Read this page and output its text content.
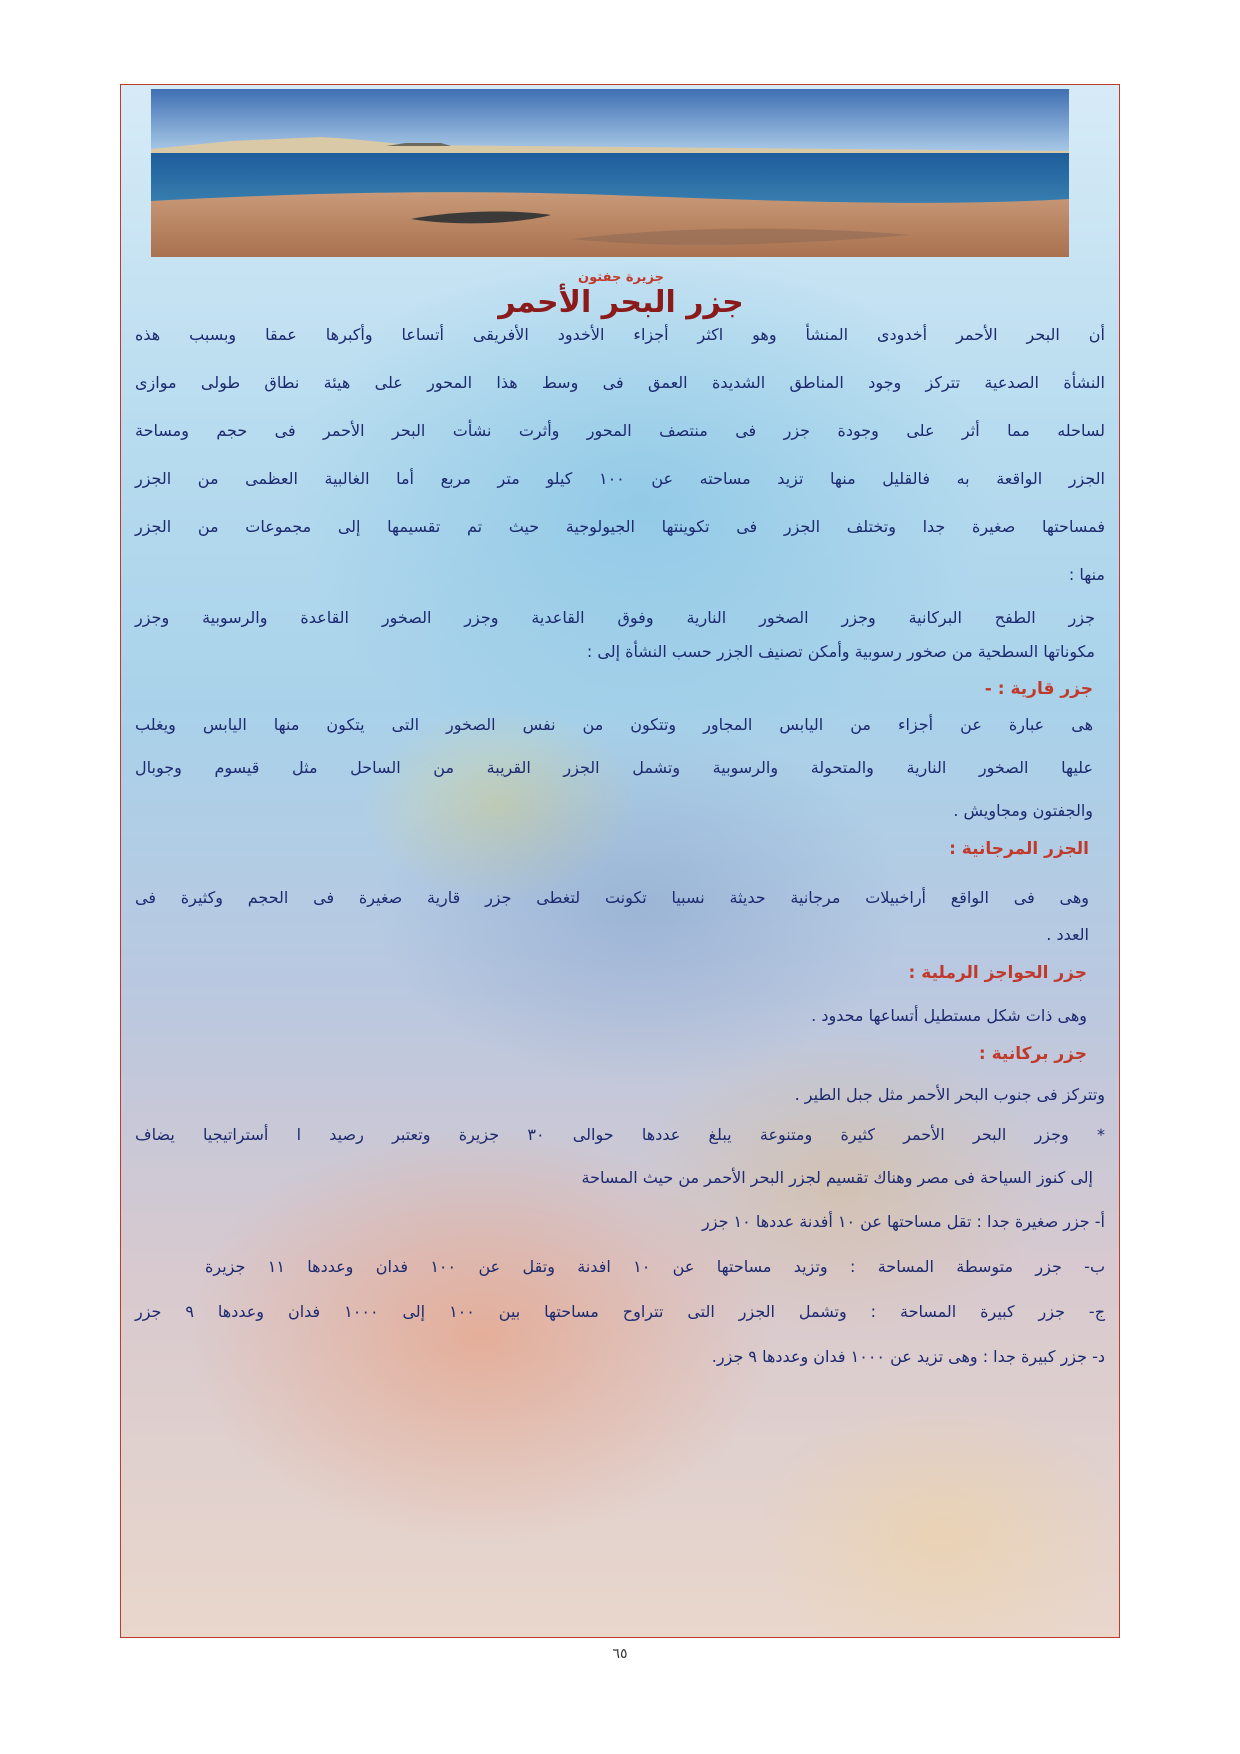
جزيرة جفتون
جزر البحر الأحمر
أن البحر الأحمر أخدودى المنشأ وهو اكثر أجزاء الأخدود الأفريقى أتساعا وأكبرها عمقا وبسبب هذه
النشأة الصدعية تتركز وجود المناطق الشديدة العمق فى وسط هذا المحور على هيئة نطاق طولى موازى
لساحله مما أثر على وجودة جزر فى منتصف المحور وأثرت نشأت البحر الأحمر فى حجم ومساحة
الجزر الواقعة به فالقليل منها تزيد مساحته عن ١٠٠ كيلو متر مربع أما الغالبية العظمى من الجزر
فمساحتها صغيرة جدا وتختلف الجزر فى تكوينتها الجيولوجية حيث تم تقسيمها إلى مجموعات من الجزر
منها :
جزر الطفح البركانية وجزر الصخور النارية وفوق القاعدية وجزر الصخور القاعدة والرسوبية وجزر
مكوناتها السطحية من صخور رسوبية وأمكن تصنيف الجزر حسب النشأة إلى :
جزر قارية : -
هى عبارة عن أجزاء من اليابس المجاور وتتكون من نفس الصخور التى يتكون منها اليابس ويغلب
عليها الصخور النارية والمتحولة والرسوبية وتشمل الجزر القريبة من الساحل مثل قيسوم وجوبال
والجفتون ومجاويش .
الجزر المرجانية :
وهى فى الواقع أراخبيلات مرجانية حديثة نسبيا تكونت لتغطى جزر قارية صغيرة فى الحجم وكثيرة فى
العدد .
جزر الحواجز الرملية :
وهى ذات شكل مستطيل أتساعها محدود .
جزر بركانية :
وتتركز فى جنوب البحر الأحمر مثل جبل الطير .
* وجزر البحر الأحمر كثيرة ومتنوعة يبلغ عددها حوالى ٣٠ جزيرة وتعتبر رصيد ا أستراتيجيا يضاف
إلى كنوز السياحة فى مصر وهناك تقسيم لجزر البحر الأحمر من حيث المساحة
أ- جزر صغيرة جدا : تقل مساحتها عن ١٠ أفدنة عددها ١٠ جزر
ب- جزر متوسطة المساحة : وتزيد مساحتها عن ١٠ افدنة وتقل عن ١٠٠ فدان وعددها ١١ جزيرة
ج- جزر كبيرة المساحة : وتشمل الجزر التى تتراوح مساحتها بين ١٠٠ إلى ١٠٠٠ فدان وعددها ٩ جزر
د- جزر كبيرة جدا : وهى تزيد عن ١٠٠٠ فدان وعددها ٩ جزر.
٦٥
